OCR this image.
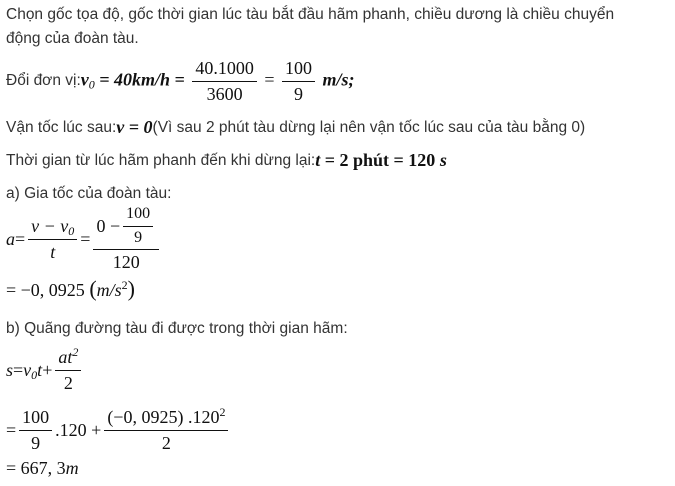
Chọn gốc tọa độ, gốc thời gian lúc tàu bắt đầu hãm phanh, chiều dương là chiều chuyển
động của đoàn tàu.
Đổi đơn vị: $v_0 = 40km/h = \frac{40.1000}{3600} = \frac{100}{9} m/s$;
Vận tốc lúc sau: v = 0 (Vì sau 2 phút tàu dừng lại nên vận tốc lúc sau của tàu bằng 0)
Thời gian từ lúc hãm phanh đến khi dừng lại: t = 2 phút = 120 s
a) Gia tốc của đoàn tàu:
$a = \frac{v - v_0}{t} = \frac{0 - \frac{100}{9}}{120}$
= −0, 0925 $(m/s^2)$
b) Quãng đường tàu đi được trong thời gian hãm:
$s = v_0t + \frac{at^2}{2}$
= $\frac{100}{9} .120 + \frac{(-0, 0925) .120^2}{2}$
= 667, 3m
